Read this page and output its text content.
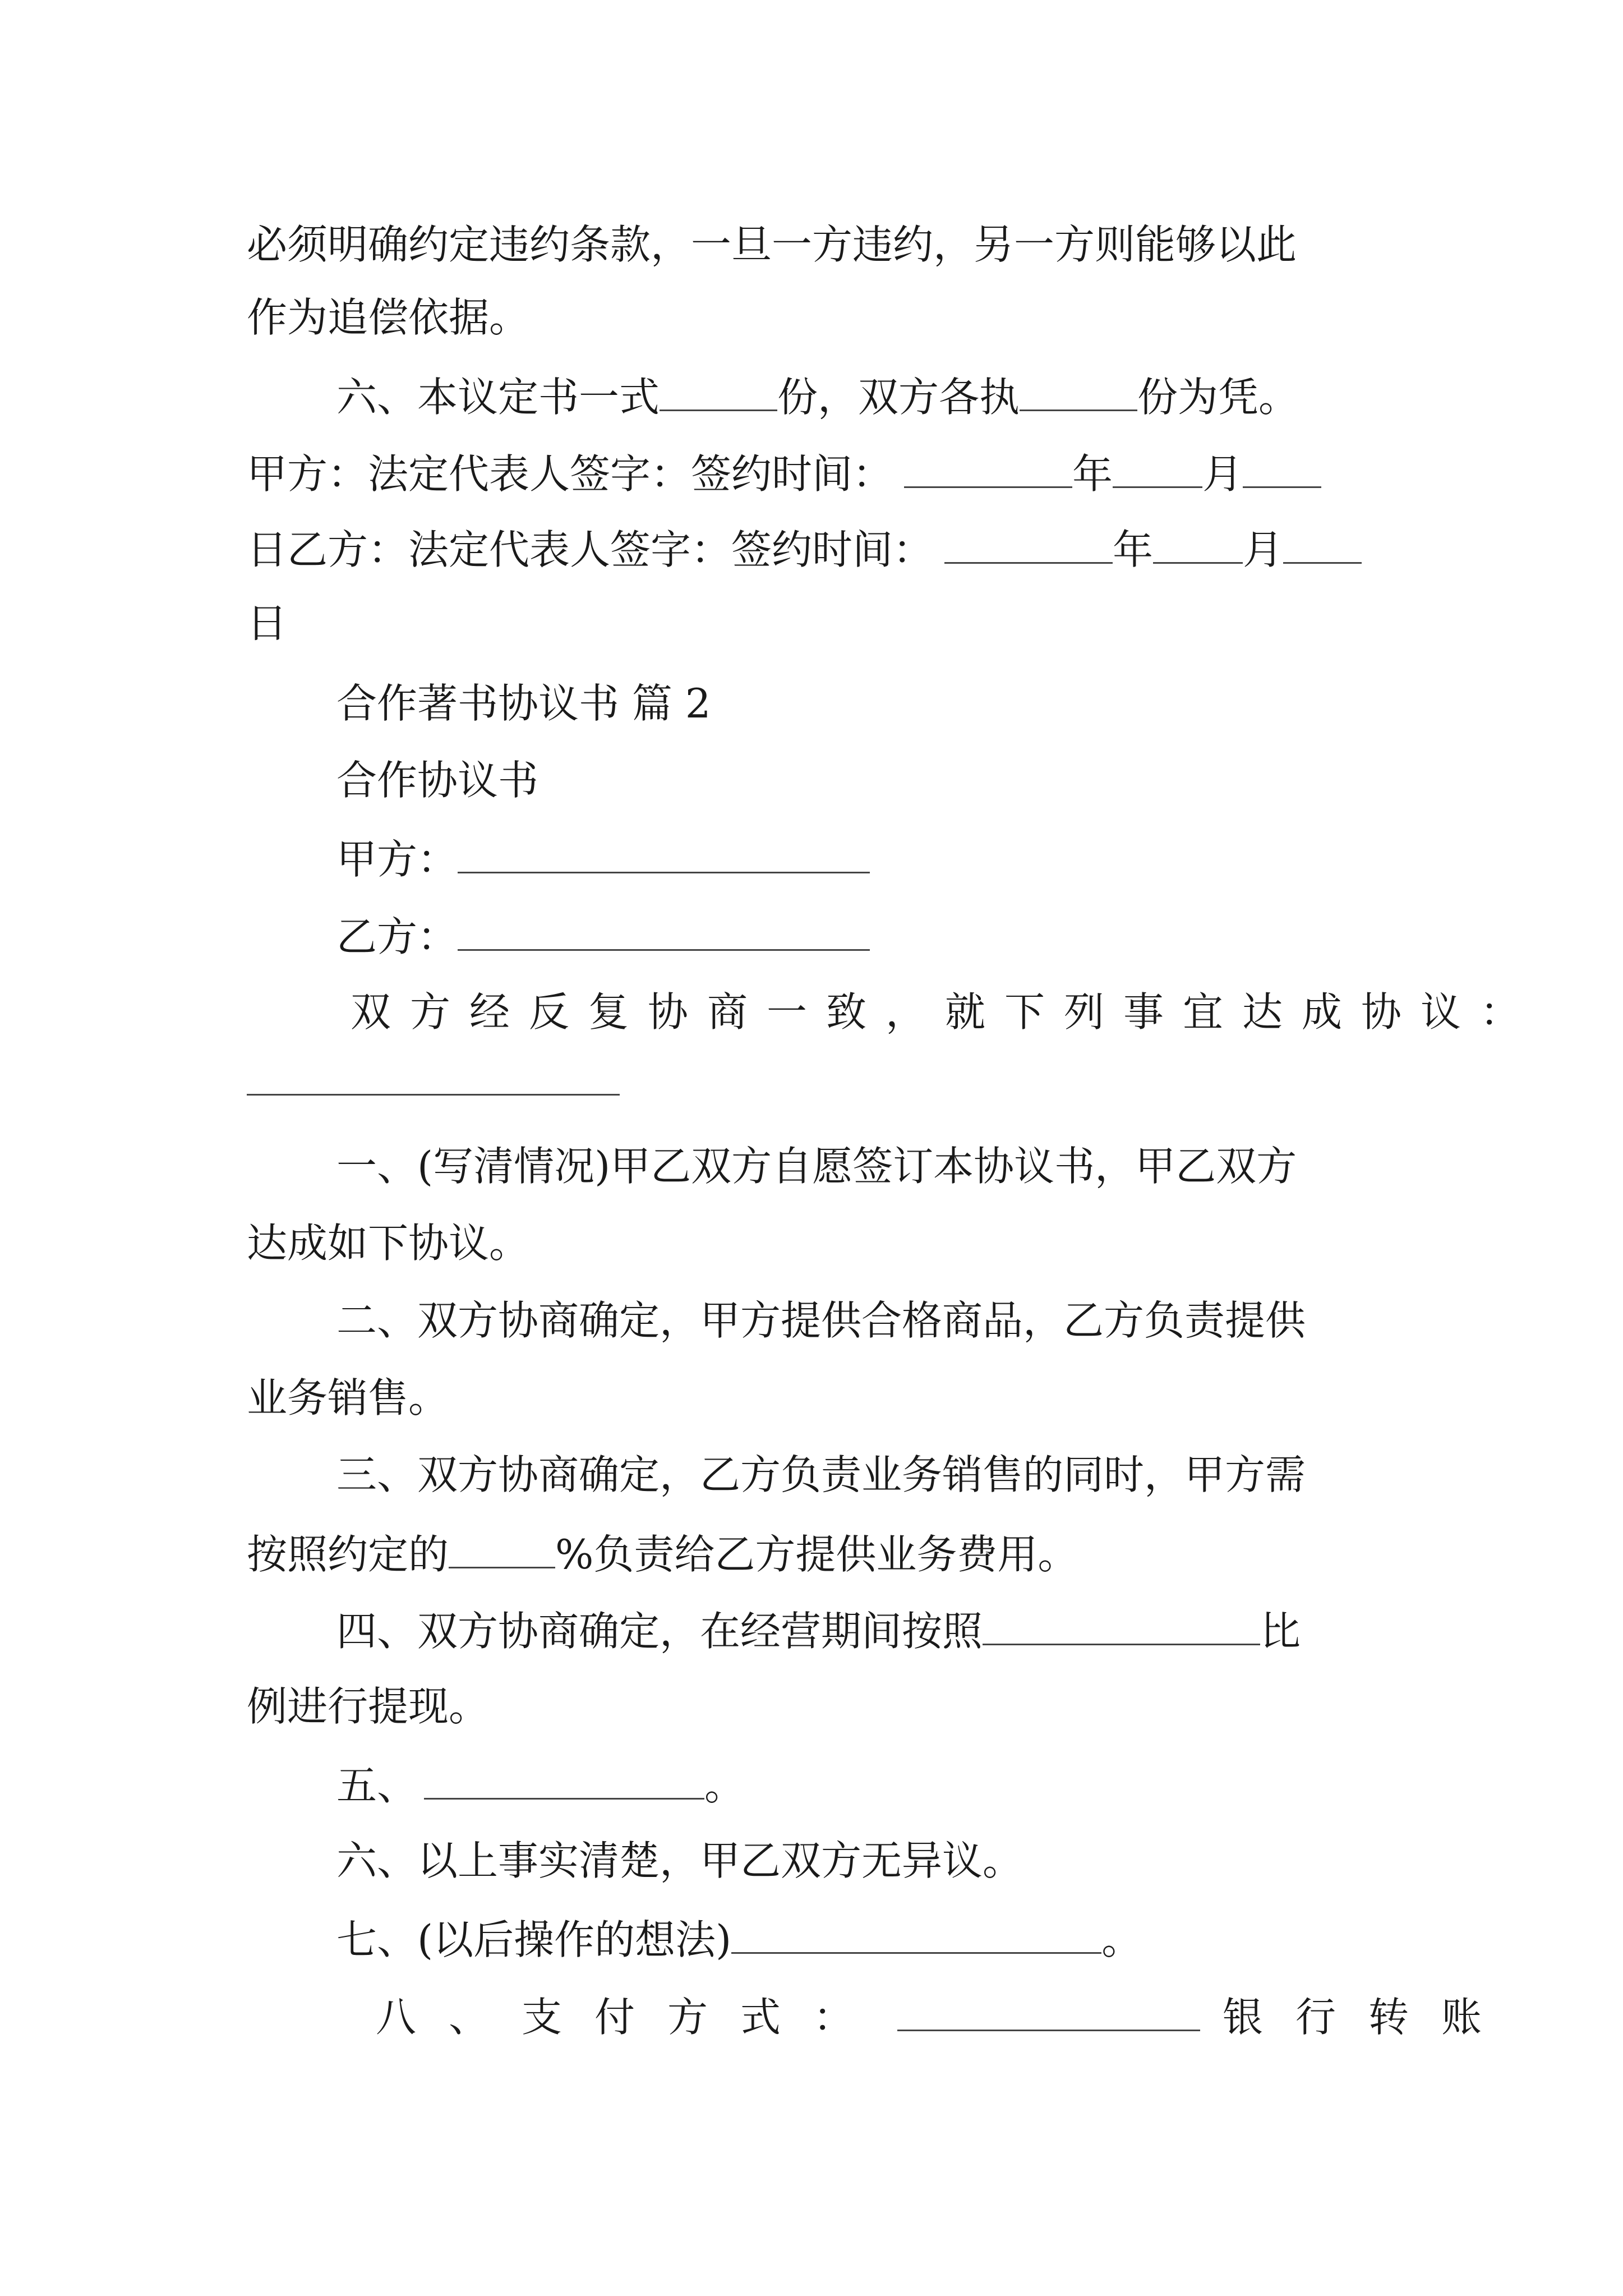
必须明确约定违约条款，一旦一方违约，另一方则能够以此
作为追偿依据。
六、本议定书一式	份，双方各执	份为凭。
甲方：法定代表人签字：签约时间：	年 月
日乙方：法定代表人签字：签约时间：	年 月
日
合作著书协议书 篇 2
合作协议书
甲方：
乙方：
双方经反复协商一致，就下列事宜达成协议：
一、(写清情况)甲乙双方自愿签订本协议书，甲乙双方
达成如下协议。
二、双方协商确定，甲方提供合格商品，乙方负责提供
业务销售。
三、双方协商确定，乙方负责业务销售的同时，甲方需
按照约定的	%负责给乙方提供业务费用。
四、双方协商确定，在经营期间按照	比
例进行提现。
五、	。
六、以上事实清楚，甲乙双方无异议。
七、(以后操作的想法)	。
八、支付方式：	银行转账
